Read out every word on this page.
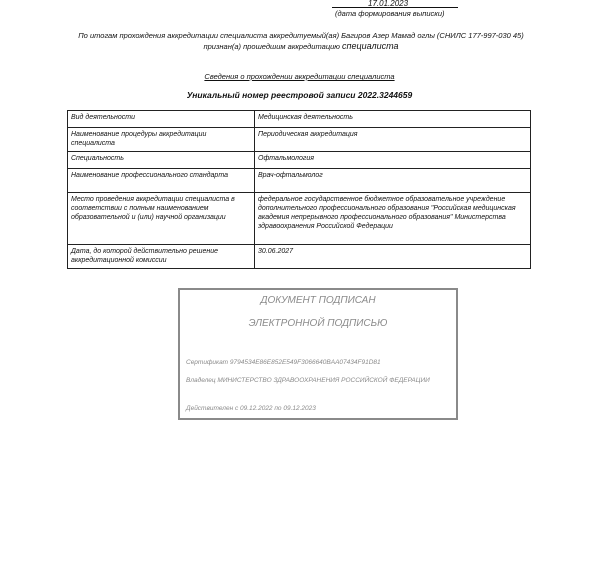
17.01.2023
(дата формирования выписки)
По итогам прохождения аккредитации специалиста аккредитуемый(ая) Багиров Азер Мамад оглы (СНИЛС 177-997-030 45) признан(а) прошедшим аккредитацию специалиста
Сведения о прохождении аккредитации специалиста
Уникальный номер реестровой записи 2022.3244659
Вид деятельности	Медицинская деятельность
Наименование процедуры аккредитации специалиста	Периодическая аккредитация
Специальность	Офтальмология
Наименование профессионального стандарта	Врач-офтальмолог
Место проведения аккредитации специалиста в соответствии с полным наименованием образовательной и (или) научной организации	федеральное государственное бюджетное образовательное учреждение дополнительного профессионального образования "Российская медицинская академия непрерывного профессионального образования" Министерства здравоохранения Российской Федерации
Дата, до которой действительно решение аккредитационной комиссии	30.06.2027
ДОКУМЕНТ ПОДПИСАН
ЭЛЕКТРОННОЙ ПОДПИСЬЮ
Сертификат 9794534E86E852E549F3066640BAA07434F91D81
Владелец МИНИСТЕРСТВО ЗДРАВООХРАНЕНИЯ РОССИЙСКОЙ ФЕДЕРАЦИИ
Действителен с 09.12.2022 по 09.12.2023
